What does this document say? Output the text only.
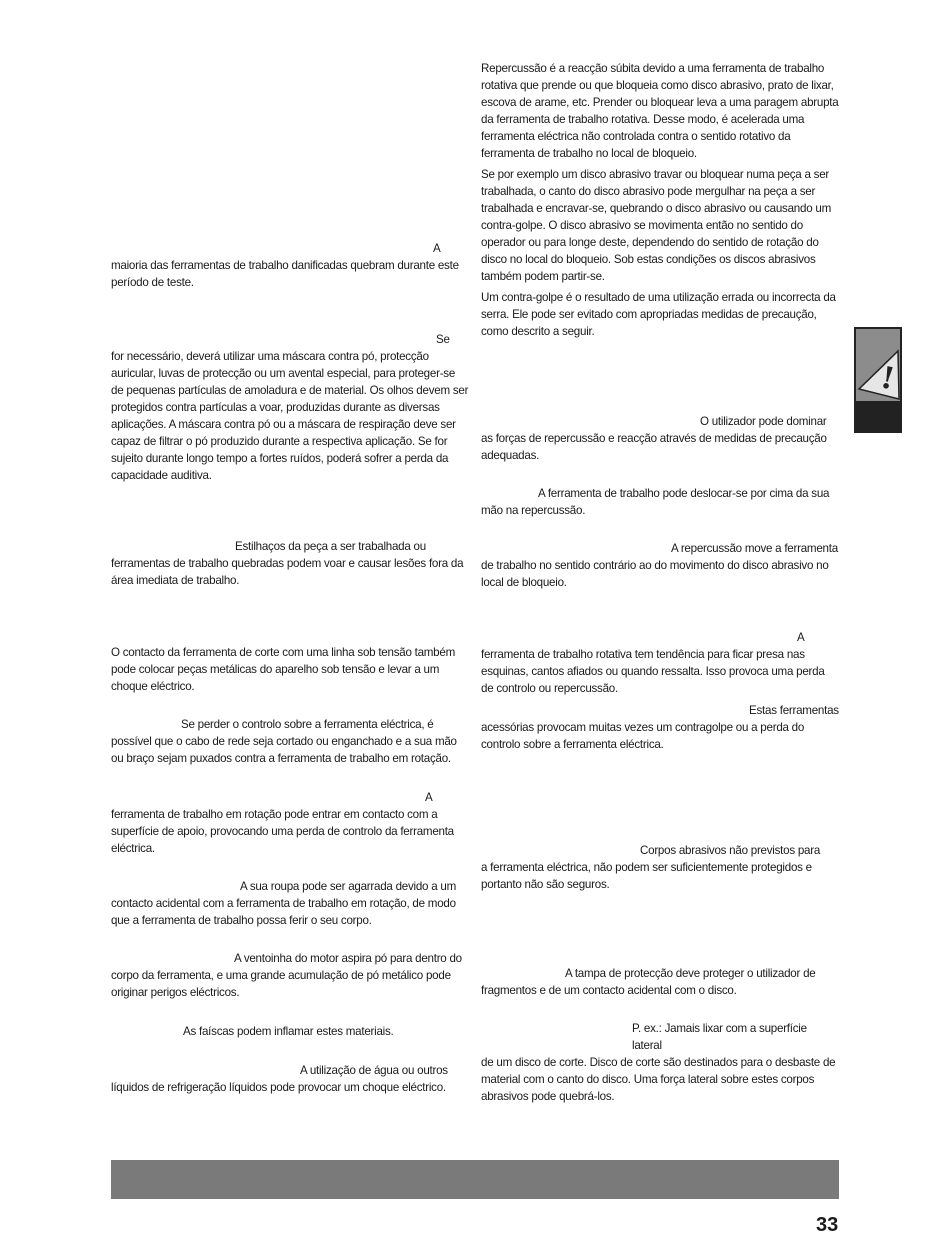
A
maioria das ferramentas de trabalho danificadas quebram durante este período de teste.
Se
for necessário, deverá utilizar uma máscara contra pó, protecção auricular, luvas de protecção ou um avental especial, para proteger-se de pequenas partículas de amoladura e de material. Os olhos devem ser protegidos contra partículas a voar, produzidas durante as diversas aplicações. A máscara contra pó ou a máscara de respiração deve ser capaz de filtrar o pó produzido durante a respectiva aplicação. Se for sujeito durante longo tempo a fortes ruídos, poderá sofrer a perda da capacidade auditiva.
Estilhaços da peça a ser trabalhada ou
ferramentas de trabalho quebradas podem voar e causar lesões fora da área imediata de trabalho.
O contacto da ferramenta de corte com uma linha sob tensão também pode colocar peças metálicas do aparelho sob tensão e levar a um choque eléctrico.
Se perder o controlo sobre a ferramenta eléctrica, é
possível que o cabo de rede seja cortado ou enganchado e a sua mão ou braço sejam puxados contra a ferramenta de trabalho em rotação.
A
ferramenta de trabalho em rotação pode entrar em contacto com a superfície de apoio, provocando uma perda de controlo da ferramenta eléctrica.
A sua roupa pode ser agarrada devido a um
contacto acidental com a ferramenta de trabalho em rotação, de modo que a ferramenta de trabalho possa ferir o seu corpo.
A ventoinha do motor aspira pó para dentro do
corpo da ferramenta, e uma grande acumulação de pó metálico pode originar perigos eléctricos.
As faíscas podem inflamar estes materiais.
A utilização de água ou outros
líquidos de refrigeração líquidos pode provocar um choque eléctrico.
Repercussão é a reacção súbita devido a uma ferramenta de trabalho rotativa que prende ou que bloqueia como disco abrasivo, prato de lixar, escova de arame, etc. Prender ou bloquear leva a uma paragem abrupta da ferramenta de trabalho rotativa. Desse modo, é acelerada uma ferramenta eléctrica não controlada contra o sentido rotativo da ferramenta de trabalho no local de bloqueio.
Se por exemplo um disco abrasivo travar ou bloquear numa peça a ser trabalhada, o canto do disco abrasivo pode mergulhar na peça a ser trabalhada e encravar-se, quebrando o disco abrasivo ou causando um contra-golpe. O disco abrasivo se movimenta então no sentido do operador ou para longe deste, dependendo do sentido de rotação do disco no local do bloqueio. Sob estas condições os discos abrasivos também podem partir-se.
Um contra-golpe é o resultado de uma utilização errada ou incorrecta da serra. Ele pode ser evitado com apropriadas medidas de precaução, como descrito a seguir.
O utilizador pode dominar
as forças de repercussão e reacção através de medidas de precaução adequadas.
A ferramenta de trabalho pode deslocar-se por cima da sua
mão na repercussão.
A repercussão move a ferramenta
de trabalho no sentido contrário ao do movimento do disco abrasivo no local de bloqueio.
A
ferramenta de trabalho rotativa tem tendência para ficar presa nas esquinas, cantos afiados ou quando ressalta. Isso provoca uma perda de controlo ou repercussão.
Estas ferramentas
acessórias provocam muitas vezes um contragolpe ou a perda do controlo sobre a ferramenta eléctrica.
Corpos abrasivos não previstos para
a ferramenta eléctrica, não podem ser suficientemente protegidos e portanto não são seguros.
A tampa de protecção deve proteger o utilizador de
fragmentos e de um contacto acidental com o disco.
P. ex.: Jamais lixar com a superfície lateral
de um disco de corte. Disco de corte são destinados para o desbaste de material com o canto do disco. Uma força lateral sobre estes corpos abrasivos pode quebrá-los.
!
33
